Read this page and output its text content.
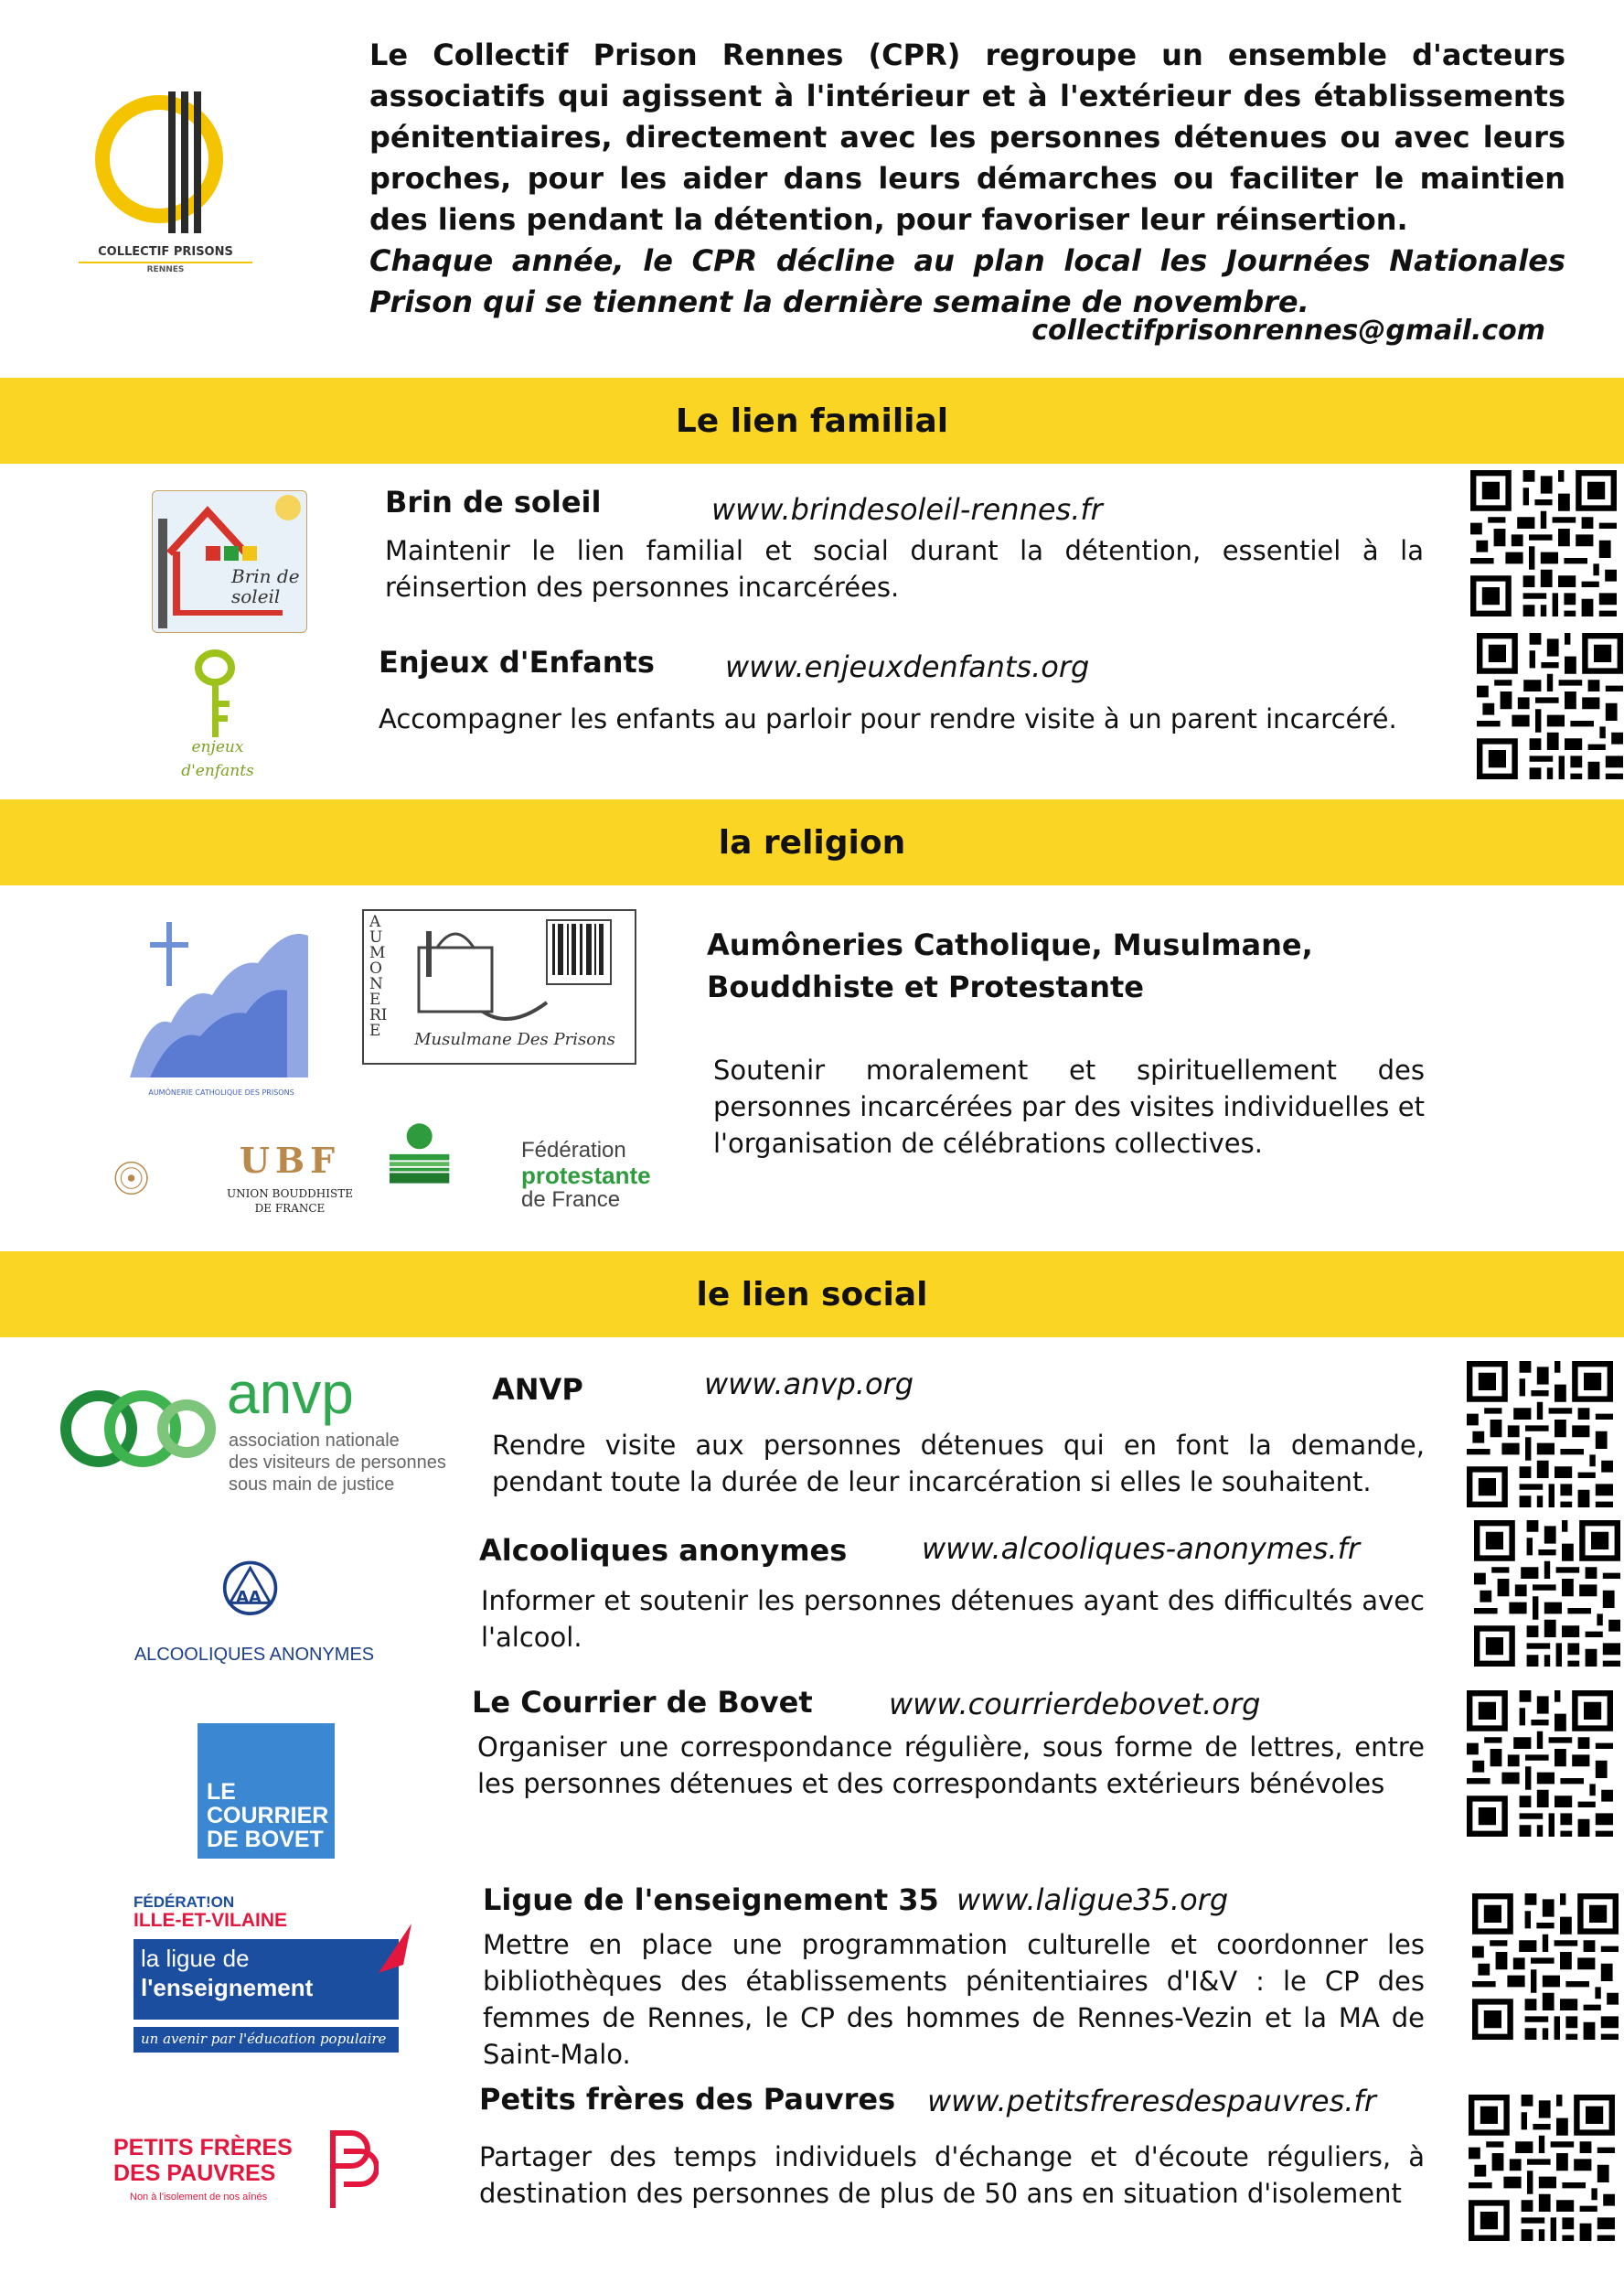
COLLECTIF PRISONS
RENNES

Le Collectif Prison Rennes (CPR) regroupe un ensemble d'acteurs associatifs qui agissent à l'intérieur et à l'extérieur des établissements pénitentiaires, directement avec les personnes détenues ou avec leurs proches, pour les aider dans leurs démarches ou faciliter le maintien des liens pendant la détention, pour favoriser leur réinsertion.

Chaque année, le CPR décline au plan local les Journées Nationales Prison qui se tiennent la dernière semaine de novembre.

collectifprisonrennes@gmail.com
Le lien familial
Brin de soleil
Brin de soleil	www.brindesoleil-rennes.fr
Maintenir le lien familial et social durant la détention, essentiel à la réinsertion des personnes incarcérées.
enjeux d'enfants
Enjeux d'Enfants www.enjeuxdenfants.org
Accompagner les enfants au parloir pour rendre visite à un parent incarcéré.
la religion
AUMÔNERIE CATHOLIQUE DES PRISONS
AUMONERIE	Musulmane Des Prisons
Aumôneries Catholique, Musulmane, Bouddhiste et Protestante
Soutenir moralement et spirituellement des personnes incarcérées par des visites individuelles et l'organisation de célébrations collectives.
UBF
UNION BOUDDHISTE
DE FRANCE
Fédération
protestante
de France
le lien social
anvp
association nationale
des visiteurs de personnes
sous main de justice
ANVP	www.anvp.org
Rendre visite aux personnes détenues qui en font la demande, pendant toute la durée de leur incarcération si elles le souhaitent.
AA
ALCOOLIQUES ANONYMES
Alcooliques anonymes	www.alcooliques-anonymes.fr
Informer et soutenir les personnes détenues ayant des difficultés avec l'alcool.
LE
COURRIER
DE BOVET
Le Courrier de Bovet	www.courrierdebovet.org
Organiser une correspondance régulière, sous forme de lettres, entre les personnes détenues et des correspondants extérieurs bénévoles
FÉDÉRAT!ON
ILLE-ET-VILAINE
la ligue de
l'enseignement
un avenir par l'éducation populaire
Ligue de l'enseignement 35 www.laligue35.org
Mettre en place une programmation culturelle et coordonner les bibliothèques des établissements pénitentiaires d'I&V : le CP des femmes de Rennes, le CP des hommes de Rennes-Vezin et la MA de Saint-Malo.
PETITS FRÈRES
DES PAUVRES
Non à l'isolement de nos aînés
Petits frères des Pauvres www.petitsfreresdespauvres.fr
Partager des temps individuels d'échange et d'écoute réguliers, à destination des personnes de plus de 50 ans en situation d'isolement
